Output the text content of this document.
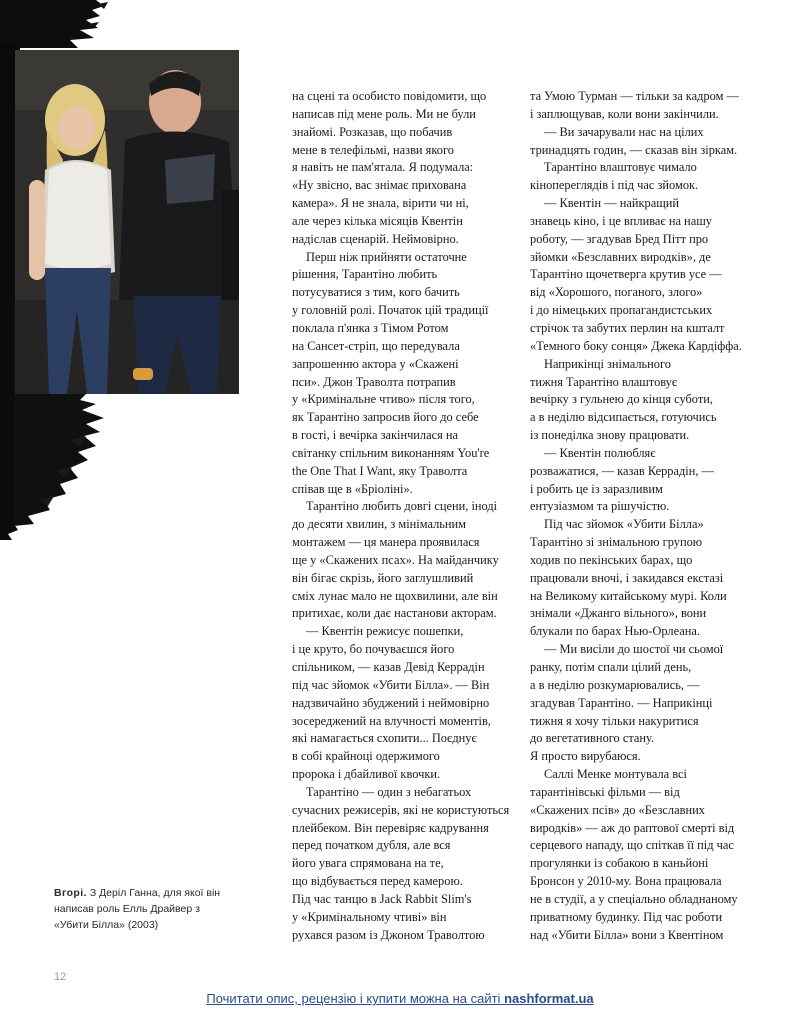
Вгорі. З Деріл Ганна, для якої він написав роль Елль Драйвер з «Убити Білла» (2003)
на сцені та особисто повідомити, що
написав під мене роль. Ми не були
знайомі. Розказав, що побачив
мене в телефільмі, назви якого
я навіть не пам'ятала. Я подумала:
«Ну звісно, вас знімає прихована
камера». Я не знала, вірити чи ні,
але через кілька місяців Квентін
надіслав сценарій. Неймовірно.
Перш ніж прийняти остаточне
рішення, Тарантіно любить
потусуватися з тим, кого бачить
у головній ролі. Початок цій традиції
поклала п'янка з Тімом Ротом
на Сансет-стріп, що передувала
запрошенню актора у «Скажені
пси». Джон Траволта потрапив
у «Кримінальне чтиво» після того,
як Тарантіно запросив його до себе
в гості, і вечірка закінчилася на
світанку спільним виконанням You're
the One That I Want, яку Траволта
співав ще в «Бріоліні».
Тарантіно любить довгі сцени, іноді
до десяти хвилин, з мінімальним
монтажем — ця манера проявилася
ще у «Скажених псах». На майданчику
він бігає скрізь, його заглушливий
сміх лунає мало не щохвилини, але він
притихає, коли дає настанови акторам.
— Квентін режисує пошепки,
і це круто, бо почуваєшся його
спільником, — казав Девід Керрадін
під час зйомок «Убити Білла». — Він
надзвичайно збуджений і неймовірно
зосереджений на влучності моментів,
які намагається схопити... Поєднує
в собі крайноці одержимого
пророка і дбайливої квочки.
Тарантіно — один з небагатьох
сучасних режисерів, які не користуються
плейбеком. Він перевіряє кадрування
перед початком дубля, але вся
його увага спрямована на те,
що відбувається перед камерою.
Під час танцю в Jack Rabbit Slim's
у «Кримінальному чтиві» він
рухався разом із Джоном Траволтою
та Умою Турман — тільки за кадром —
і заплющував, коли вони закінчили.
— Ви зачарували нас на цілих
тринадцять годин, — сказав він зіркам.
Тарантіно влаштовує чимало
кінопереглядів і під час зйомок.
— Квентін — найкращий
знавець кіно, і це впливає на нашу
роботу, — згадував Бред Пітт про
зйомки «Безславних виродків», де
Тарантіно щочетверга крутив усе —
від «Хорошого, поганого, злого»
і до німецьких пропагандистських
стрічок та забутих перлин на кшталт
«Темного боку сонця» Джека Кардіффа.
Наприкінці знімального
тижня Тарантіно влаштовує
вечірку з гульнею до кінця суботи,
а в неділю відсипається, готуючись
із понеділка знову працювати.
— Квентін полюбляє
розважатися, — казав Керрадін, —
і робить це із заразливим
ентузіазмом та рішучістю.
Під час зйомок «Убити Білла»
Тарантіно зі знімальною групою
ходив по пекінських барах, що
працювали вночі, і закидався екстазі
на Великому китайському мурі. Коли
знімали «Джанго вільного», вони
блукали по барах Нью-Орлеана.
— Ми висіли до шостої чи сьомої
ранку, потім спали цілий день,
а в неділю розкумарювались, —
згадував Тарантіно. — Наприкінці
тижня я хочу тільки накуритися
до вегетативного стану.
Я просто вирубаюся.
Саллі Менке монтувала всі
тарантінівські фільми — від
«Скажених псів» до «Безславних
виродків» — аж до раптової смерті від
серцевого нападу, що спіткав її під час
прогулянки із собакою в каньйоні
Бронсон у 2010-му. Вона працювала
не в студії, а у спеціально обладнаному
приватному будинку. Під час роботи
над «Убити Білла» вони з Квентіном
12
Почитати опис, рецензію і купити можна на сайті nashformat.ua
